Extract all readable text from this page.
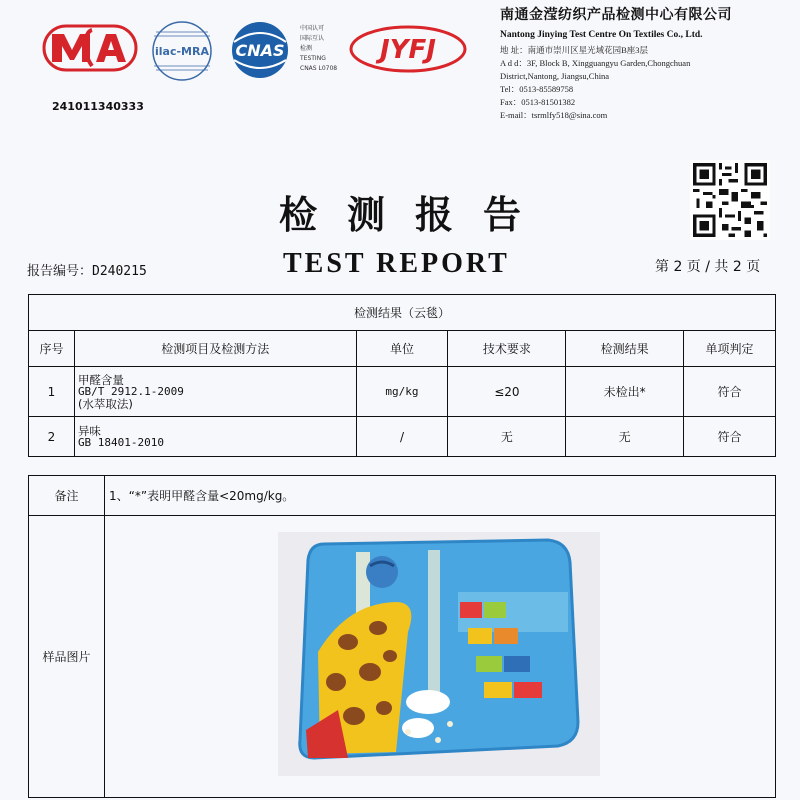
241011340333
ilac-MRA CNAS
中国认可
国际互认
检测
TESTING
CNAS L0708
JYFJ
南通金滢纺织产品检测中心有限公司
Nantong Jinying Test Centre On Textiles Co., Ltd.
地 址：南通市崇川区星光域花园B座3层
A d d：3F, Block B, Xingguangyu Garden,Chongchuan
District,Nantong, Jiangsu,China
Tel：0513-85589758
Fax：0513-81501382
E-mail：tsrmlfy518@sina.com
检测报告
报告编号：D240215	TEST REPORT	第 2 页 / 共 2 页
检测结果（云毯）					
序号	检测项目及检测方法	单位	技术要求	检测结果	单项判定
1	甲醛含量
GB/T 2912.1-2009
(水萃取法)	mg/kg	≤20	未检出*	符合
2	异味
GB 18401-2010	/	无	无	符合
备注	1、“*”表明甲醛含量<20mg/kg。
样品图片	
